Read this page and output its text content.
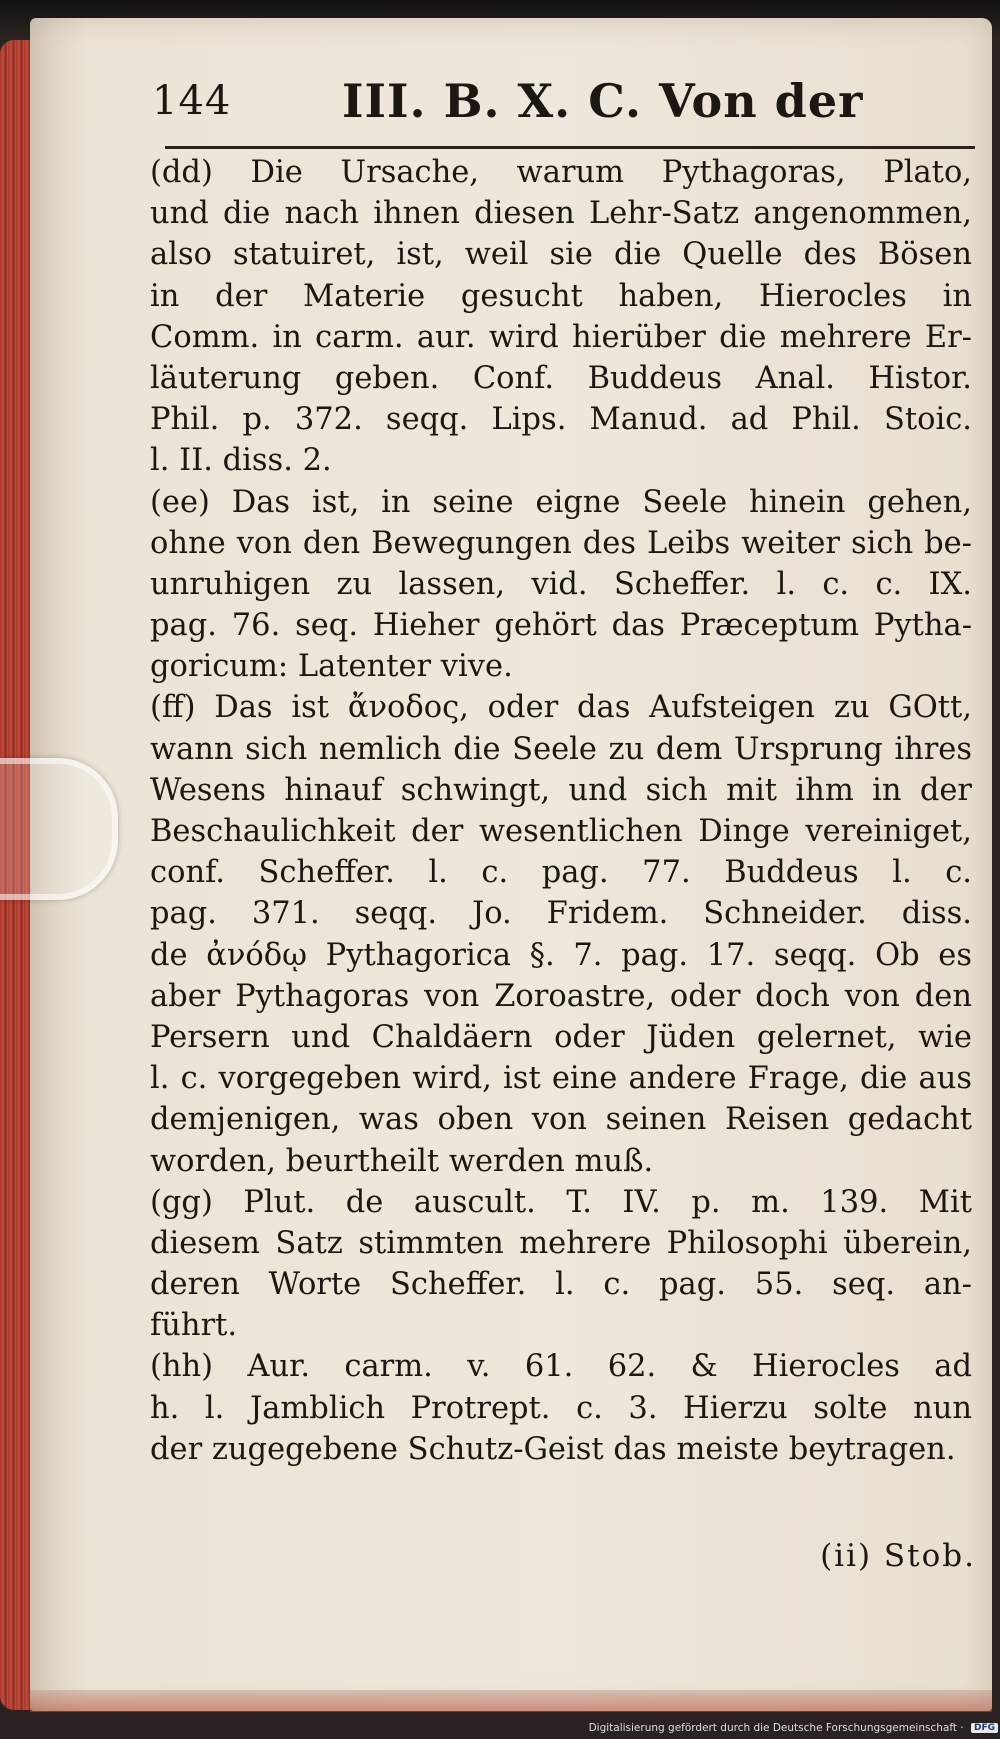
144 III. B. X. C. Von der
(dd) Die Ursache, warum Pythagoras, Plato,
und die nach ihnen diesen Lehr-Satz angenommen,
also statuiret, ist, weil sie die Quelle des Bösen
in der Materie gesucht haben, Hierocles in
Comm. in carm. aur. wird hierüber die mehrere Er-
läuterung geben. Conf. Buddeus Anal. Histor.
Phil. p. 372. seqq. Lips. Manud. ad Phil. Stoic.
l. II. diss. 2.
(ee) Das ist, in seine eigne Seele hinein gehen,
ohne von den Bewegungen des Leibs weiter sich be-
unruhigen zu lassen, vid. Scheffer. l. c. c. IX.
pag. 76. seq. Hieher gehört das Præceptum Pytha-
goricum: Latenter vive.
(ff) Das ist ἄνοδος, oder das Aufsteigen zu GOtt,
wann sich nemlich die Seele zu dem Ursprung ihres
Wesens hinauf schwingt, und sich mit ihm in der
Beschaulichkeit der wesentlichen Dinge vereiniget,
conf. Scheffer. l. c. pag. 77. Buddeus l. c.
pag. 371. seqq. Jo. Fridem. Schneider. diss.
de ἀνόδῳ Pythagorica §. 7. pag. 17. seqq. Ob es
aber Pythagoras von Zoroastre, oder doch von den
Persern und Chaldäern oder Jüden gelernet, wie
l. c. vorgegeben wird, ist eine andere Frage, die aus
demjenigen, was oben von seinen Reisen gedacht
worden, beurtheilt werden muß.
(gg) Plut. de auscult. T. IV. p. m. 139. Mit
diesem Satz stimmten mehrere Philosophi überein,
deren Worte Scheffer. l. c. pag. 55. seq. an-
führt.
(hh) Aur. carm. v. 61. 62. & Hierocles ad
h. l. Jamblich Protrept. c. 3. Hierzu solte nun
der zugegebene Schutz-Geist das meiste beytragen.
(ii) Stob.
Digitalisierung gefördert durch die Deutsche Forschungsgemeinschaft · DFG
